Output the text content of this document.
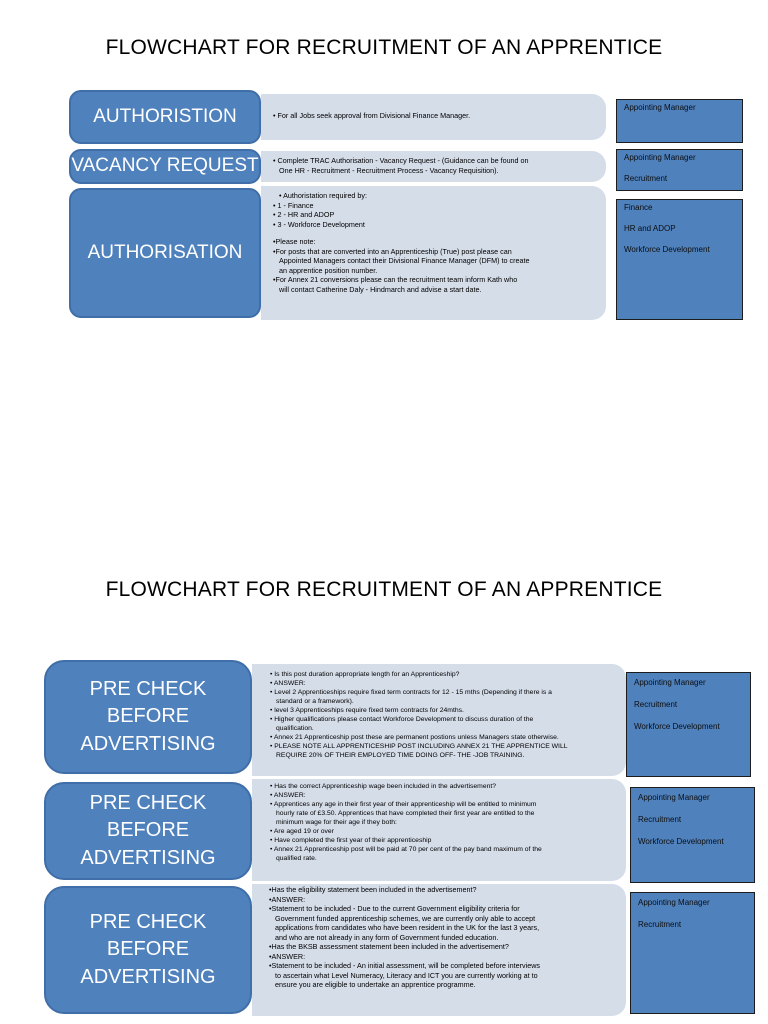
FLOWCHART FOR RECRUITMENT OF AN APPRENTICE
AUTHORISTION	• For all Jobs seek approval from Divisional Finance Manager.
Appointing Manager
VACANCY REQUEST	• Complete TRAC Authorisation - Vacancy Request - (Guidance can be found on
One HR - Recruitment - Recruitment Process - Vacancy Requisition).
Appointing Manager
Recruitment
AUTHORISATION
• Authoristation required by:
• 1 - Finance
• 2 - HR and ADOP
• 3 - Workforce Development
•Please note:
•For posts that are converted into an Apprenticeship (True) post please can
Appointed Managers contact their Divisional Finance Manager (DFM) to create
an apprentice position number.
•For Annex 21 conversions please can the recruitment team inform Kath who
will contact Catherine Daly - Hindmarch and advise a start date.
Finance
HR and ADOP
Workforce Development
FLOWCHART FOR RECRUITMENT OF AN APPRENTICE
PRE CHECK
BEFORE
ADVERTISING
• Is this post duration appropriate length for an Apprenticeship?
• ANSWER:
• Level 2 Apprenticeships require fixed term contracts for 12 - 15 mths (Depending if there is a
standard or a framework).
• level 3 Apprenticeships require fixed term contracts for 24mths.
• Higher qualifications please contact Workforce Development to discuss duration of the
qualification.
• Annex 21 Apprenticeship post these are permanent postions unless Managers state otherwise.
• PLEASE NOTE ALL APPRENTICESHIP POST INCLUDING ANNEX 21 THE APPRENTICE WILL
REQUIRE 20% OF THEIR EMPLOYED TIME DOING OFF- THE -JOB TRAINING.
Appointing Manager
Recruitment
Workforce Development
PRE CHECK
BEFORE
ADVERTISING
• Has the correct Apprenticeship wage been included in the advertisement?
• ANSWER:
• Apprentices any age in their first year of their apprenticeship will be entitled to minimum
hourly rate of £3.50. Apprentices that have completed their first year are entitled to the
minimum wage for their age if they both:
• Are aged 19 or over
• Have completed the first year of their apprenticeship
• Annex 21 Apprenticeship post will be paid at 70 per cent of the pay band maximum of the
qualified rate.
Appointing Manager
Recruitment
Workforce Development
PRE CHECK
BEFORE
ADVERTISING
•Has the eligibility statement been included in the advertisement?
•ANSWER:
•Statement to be included - Due to the current Government eligibility criteria for
Government funded apprenticeship schemes, we are currently only able to accept
applications from candidates who have been resident in the UK for the last 3 years,
and who are not already in any form of Government funded education.
•Has the BKSB assessment statement been included in the advertisement?
•ANSWER:
•Statement to be included - An initial assessment, will be completed before interviews
to ascertain what Level Numeracy, Literacy and ICT you are currently working at to
ensure you are eligible to undertake an apprentice programme.
Appointing Manager
Recruitment
